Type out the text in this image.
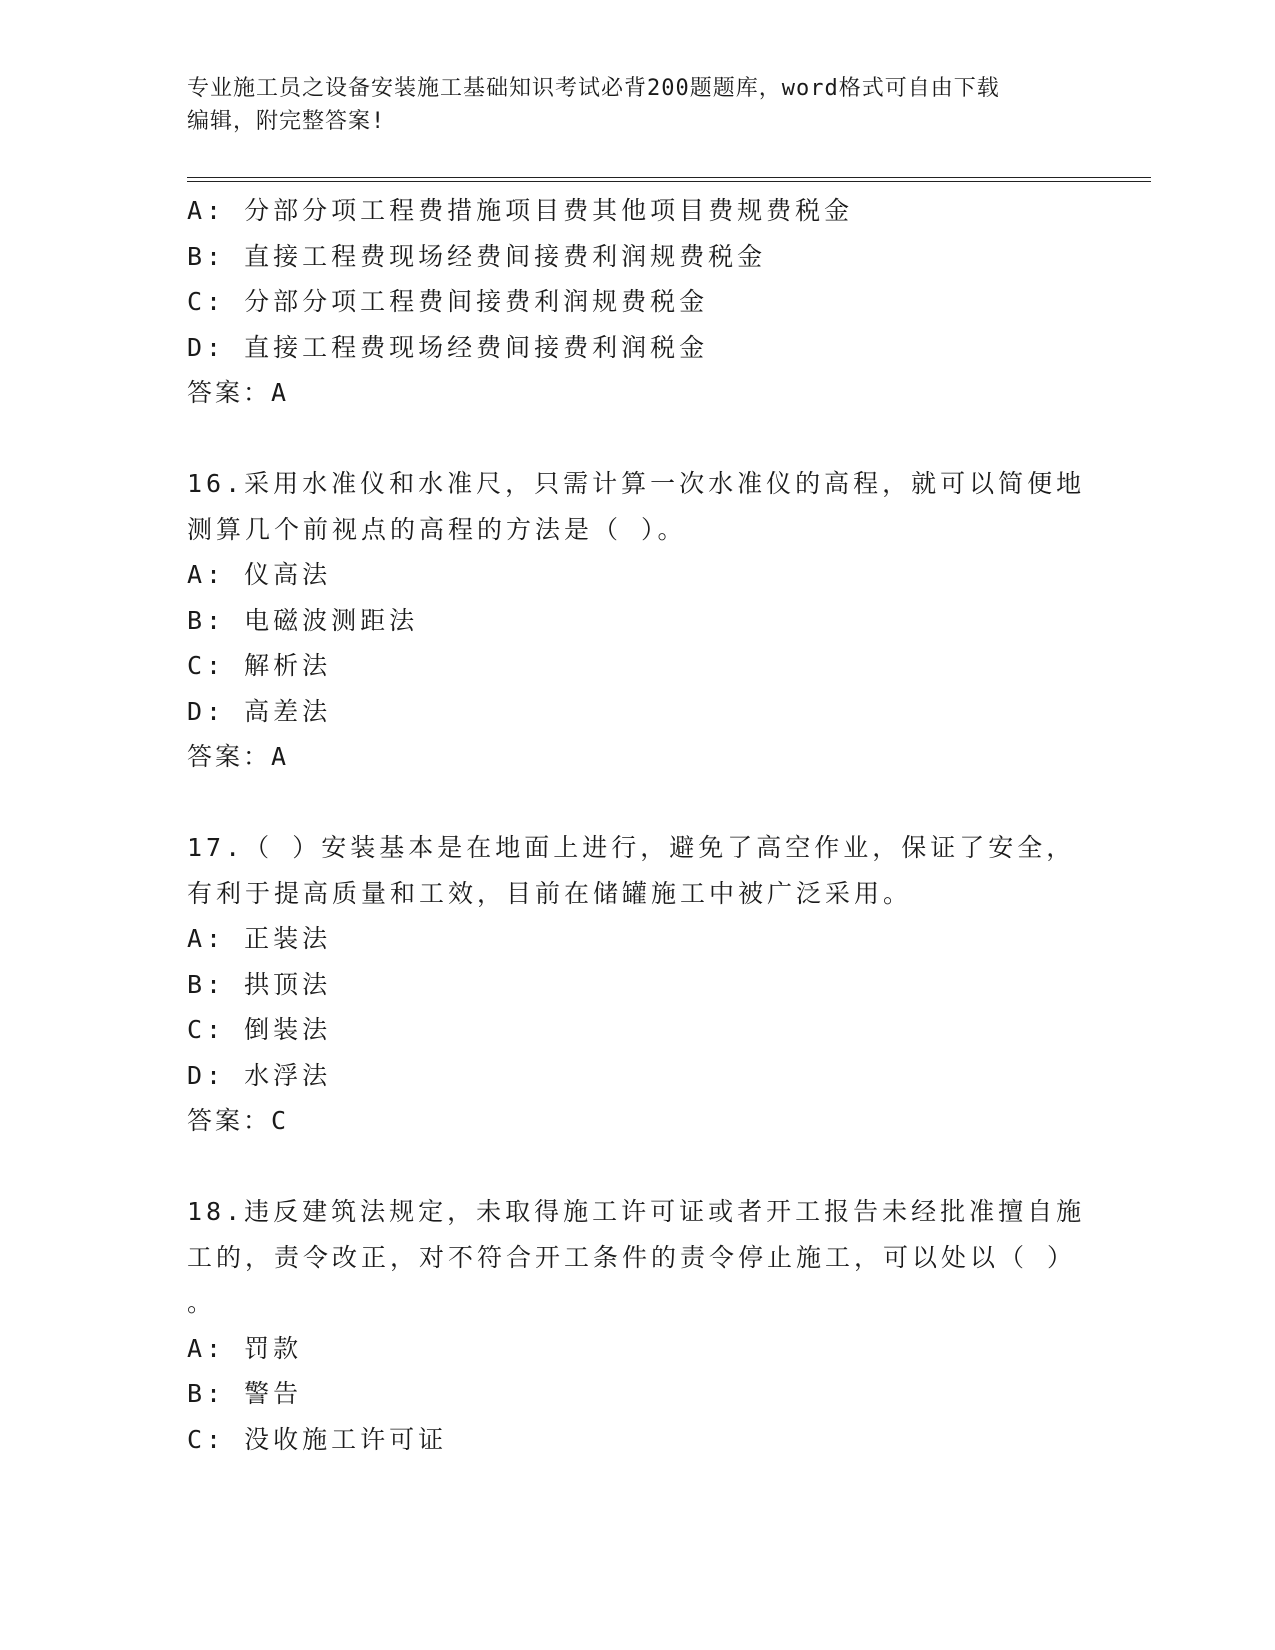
专业施工员之设备安装施工基础知识考试必背200题题库，word格式可自由下载
编辑，附完整答案!
A: 分部分项工程费措施项目费其他项目费规费税金
B: 直接工程费现场经费间接费利润规费税金
C: 分部分项工程费间接费利润规费税金
D: 直接工程费现场经费间接费利润税金
答案：A
16.采用水准仪和水准尺，只需计算一次水准仪的高程，就可以简便地
测算几个前视点的高程的方法是（ ）。
A: 仪高法
B: 电磁波测距法
C: 解析法
D: 高差法
答案：A
17.（ ）安装基本是在地面上进行，避免了高空作业，保证了安全，
有利于提高质量和工效，目前在储罐施工中被广泛采用。
A: 正装法
B: 拱顶法
C: 倒装法
D: 水浮法
答案：C
18.违反建筑法规定，未取得施工许可证或者开工报告未经批准擅自施
工的，责令改正，对不符合开工条件的责令停止施工，可以处以（ ）
。
A: 罚款
B: 警告
C: 没收施工许可证
